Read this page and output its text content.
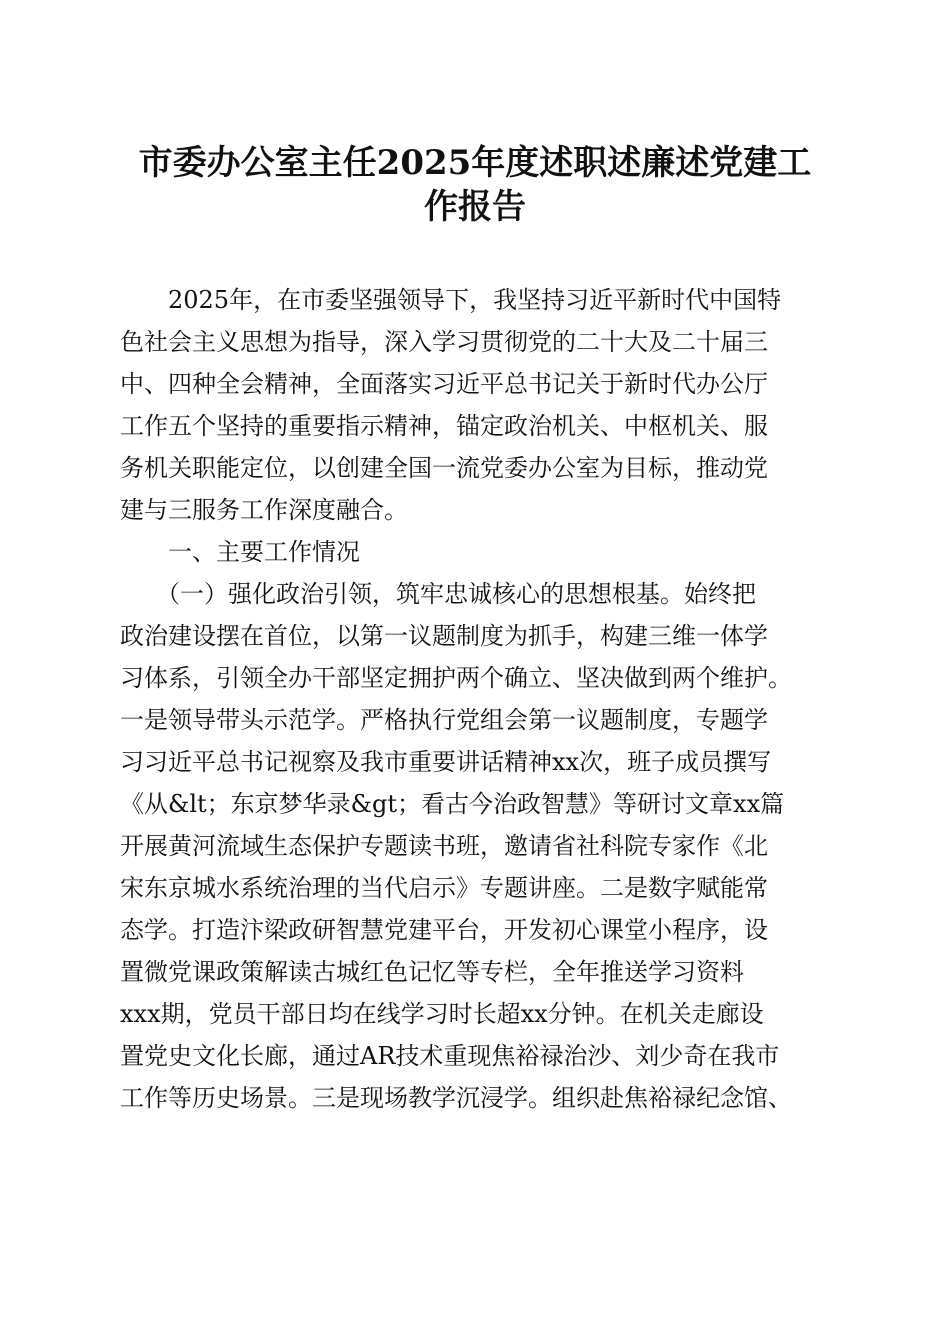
市委办公室主任2025年度述职述廉述党建工
作报告

　　2025年，在市委坚强领导下，我坚持习近平新时代中国特

色社会主义思想为指导，深入学习贯彻党的二十大及二十届三

中、四种全会精神，全面落实习近平总书记关于新时代办公厅

工作五个坚持的重要指示精神，锚定政治机关、中枢机关、服

务机关职能定位，以创建全国一流党委办公室为目标，推动党

建与三服务工作深度融合。

　　一、主要工作情况

　　（一）强化政治引领，筑牢忠诚核心的思想根基。始终把

政治建设摆在首位，以第一议题制度为抓手，构建三维一体学

习体系，引领全办干部坚定拥护两个确立、坚决做到两个维护。

一是领导带头示范学。严格执行党组会第一议题制度，专题学

习习近平总书记视察及我市重要讲话精神xx次，班子成员撰写

《从&lt；东京梦华录&gt；看古今治政智慧》等研讨文章xx篇

开展黄河流域生态保护专题读书班，邀请省社科院专家作《北

宋东京城水系统治理的当代启示》专题讲座。二是数字赋能常

态学。打造汴梁政研智慧党建平台，开发初心课堂小程序，设

置微党课政策解读古城红色记忆等专栏，全年推送学习资料

xxx期，党员干部日均在线学习时长超xx分钟。在机关走廊设

置党史文化长廊，通过AR技术重现焦裕禄治沙、刘少奇在我市

工作等历史场景。三是现场教学沉浸学。组织赴焦裕禄纪念馆、
